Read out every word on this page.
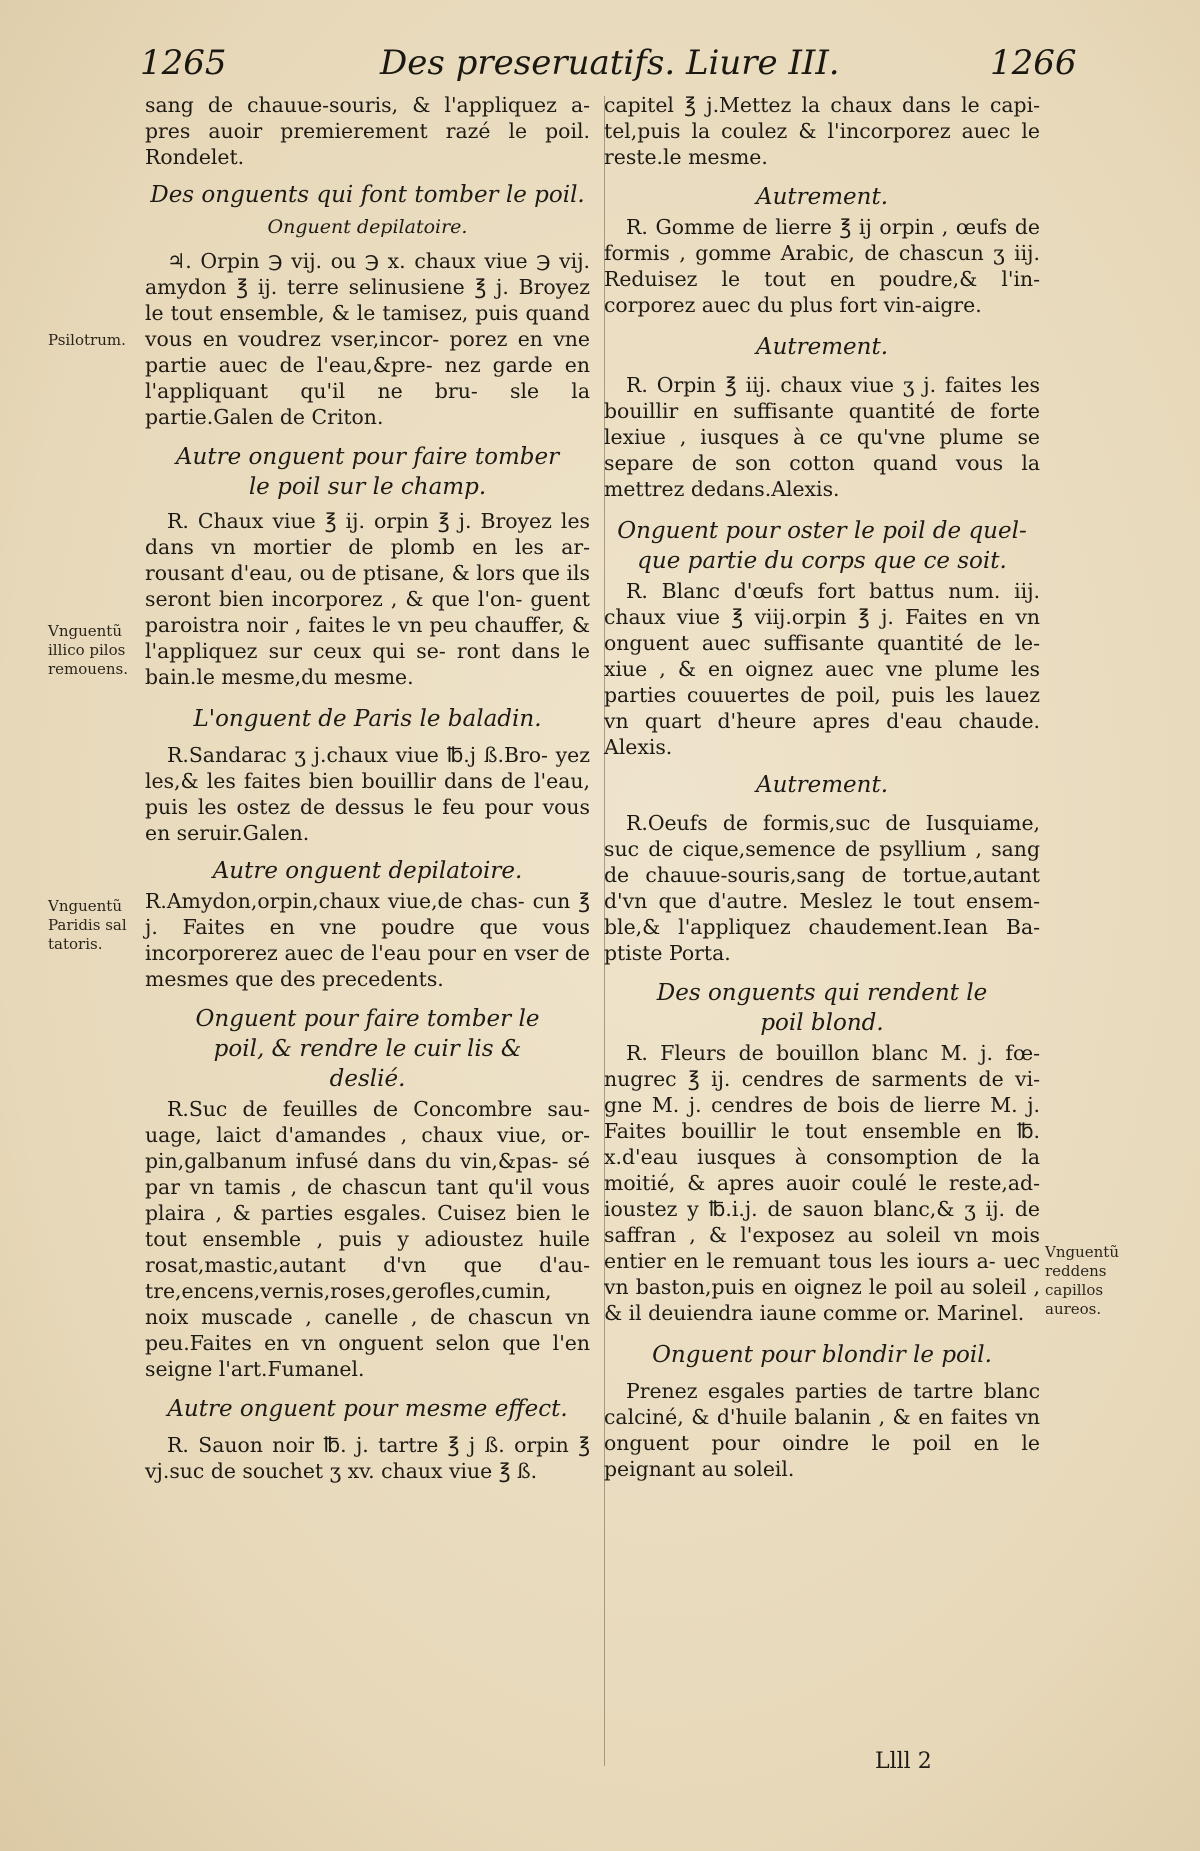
1265	Des preseruatifs. Liure III.	1266

sang de chauue-souris, & l'appliquez a- pres auoir premierement razé le poil. Rondelet.

Des onguents qui font tomber le poil.
Onguent depilatoire.

♃. Orpin ℈ vij. ou ℈ x. chaux viue ℈ vij. amydon ℥ ij. terre selinusiene ℥ j. Broyez le tout ensemble, & le tamisez, puis quand vous en voudrez vser,incor- porez en vne partie auec de l'eau,&pre- nez garde en l'appliquant qu'il ne bru- sle la partie.Galen de Criton.

Autre onguent pour faire tomber le poil sur le champ.

R. Chaux viue ℥ ij. orpin ℥ j. Broyez les dans vn mortier de plomb en les ar- rousant d'eau, ou de ptisane, & lors que ils seront bien incorporez , & que l'on- guent paroistra noir , faites le vn peu chauffer, & l'appliquez sur ceux qui se- ront dans le bain.le mesme,du mesme.

L'onguent de Paris le baladin.

R.Sandarac ʒ j.chaux viue ℔.j ß.Bro- yez les,& les faites bien bouillir dans de l'eau, puis les ostez de dessus le feu pour vous en seruir.Galen.

Autre onguent depilatoire.

R.Amydon,orpin,chaux viue,de chas- cun ℥ j. Faites en vne poudre que vous incorporerez auec de l'eau pour en vser de mesmes que des precedents.

Onguent pour faire tomber le poil, & rendre le cuir lis & deslié.

R.Suc de feuilles de Concombre sau- uage, laict d'amandes , chaux viue, or- pin,galbanum infusé dans du vin,&pas- sé par vn tamis , de chascun tant qu'il vous plaira , & parties esgales. Cuisez bien le tout ensemble , puis y adioustez huile rosat,mastic,autant d'vn que d'au- tre,encens,vernis,roses,gerofles,cumin, noix muscade , canelle , de chascun vn peu.Faites en vn onguent selon que l'en seigne l'art.Fumanel.

Autre onguent pour mesme effect.

R. Sauon noir ℔. j. tartre ℥ j ß. orpin ℥ vj.suc de souchet ʒ xv. chaux viue ℥ ß.

capitel ℥ j.Mettez la chaux dans le capi- tel,puis la coulez & l'incorporez auec le reste.le mesme.

Autrement.

R. Gomme de lierre ℥ ij orpin , œufs de formis , gomme Arabic, de chascun ʒ iij. Reduisez le tout en poudre,& l'in- corporez auec du plus fort vin-aigre.

Autrement.

R. Orpin ℥ iij. chaux viue ʒ j. faites les bouillir en suffisante quantité de forte lexiue , iusques à ce qu'vne plume se separe de son cotton quand vous la mettrez dedans.Alexis.

Onguent pour oster le poil de quel- que partie du corps que ce soit.

R. Blanc d'œufs fort battus num. iij. chaux viue ℥ viij.orpin ℥ j. Faites en vn onguent auec suffisante quantité de le- xiue , & en oignez auec vne plume les parties couuertes de poil, puis les lauez vn quart d'heure apres d'eau chaude. Alexis.

Autrement.

R.Oeufs de formis,suc de Iusquiame, suc de cique,semence de psyllium , sang de chauue-souris,sang de tortue,autant d'vn que d'autre. Meslez le tout ensem- ble,& l'appliquez chaudement.Iean Ba- ptiste Porta.

Des onguents qui rendent le poil blond.

R. Fleurs de bouillon blanc M. j. fœ- nugrec ℥ ij. cendres de sarments de vi- gne M. j. cendres de bois de lierre M. j. Faites bouillir le tout ensemble en ℔. x.d'eau iusques à consomption de la moitié, & apres auoir coulé le reste,ad- ioustez y ℔.i.j. de sauon blanc,& ʒ ij. de saffran , & l'exposez au soleil vn mois entier en le remuant tous les iours a- uec vn baston,puis en oignez le poil au soleil , & il deuiendra iaune comme or. Marinel.

Onguent pour blondir le poil.

Prenez esgales parties de tartre blanc calciné, & d'huile balanin , & en faites vn onguent pour oindre le poil en le peignant au soleil.

Psilotrum.
Vnguentũ
illico pilos
remouens.
Vnguentũ
Paridis sal
tatoris.
Vnguentũ
reddens
capillos
aureos.
Llll 2
